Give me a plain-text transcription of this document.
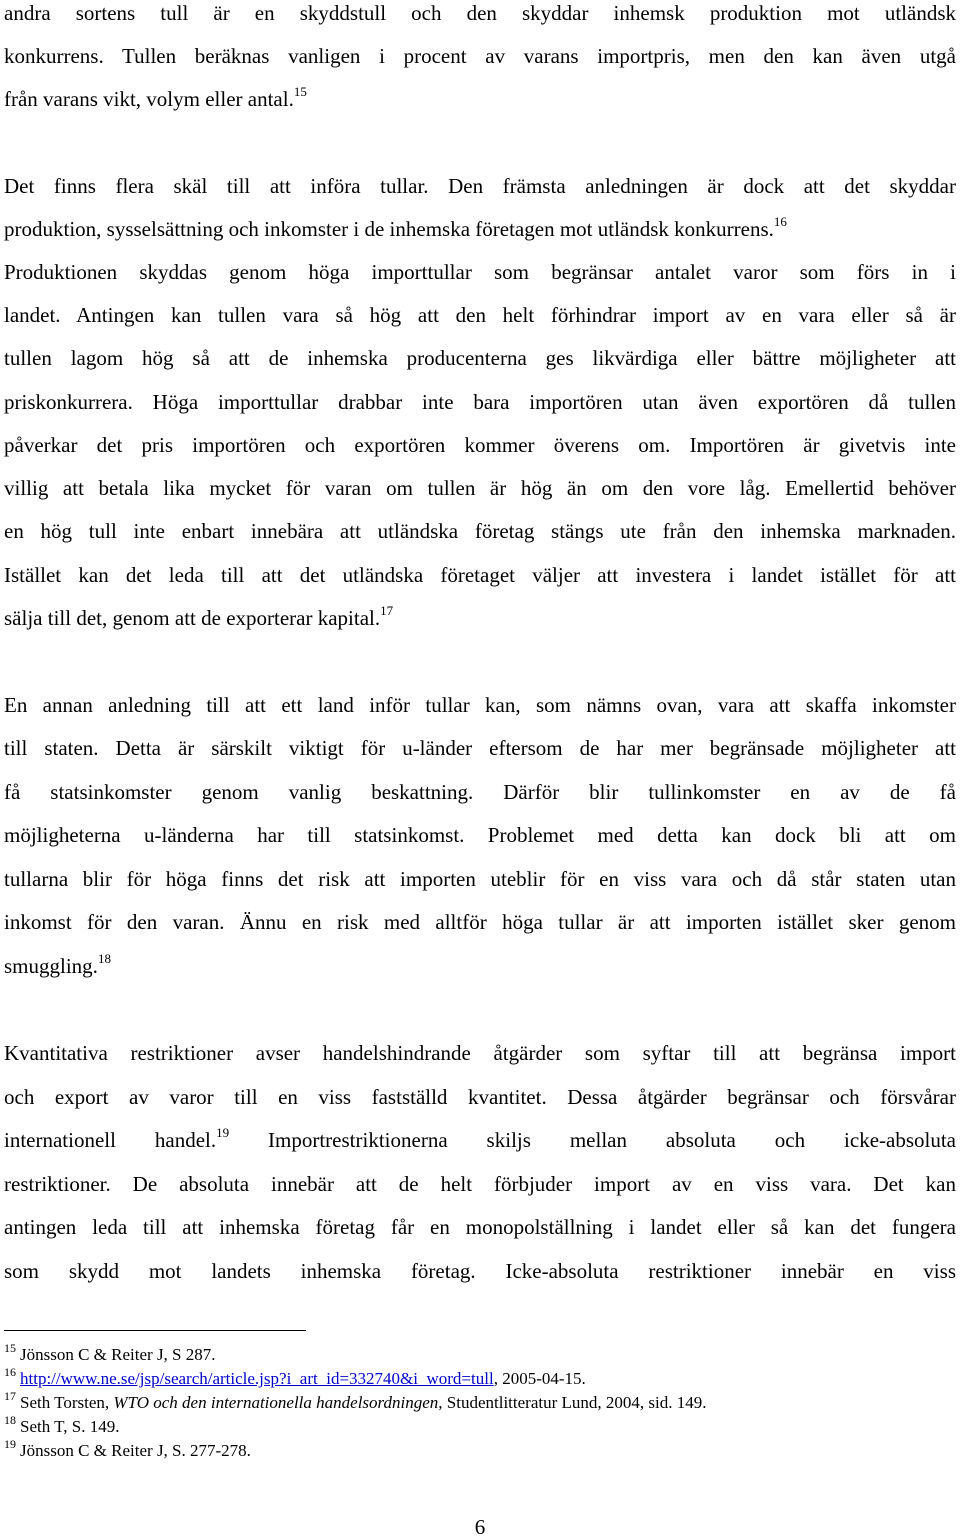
andra sortens tull är en skyddstull och den skyddar inhemsk produktion mot utländsk
konkurrens. Tullen beräknas vanligen i procent av varans importpris, men den kan även utgå
från varans vikt, volym eller antal.$^{15}$
Det finns flera skäl till att införa tullar. Den främsta anledningen är dock att det skyddar
produktion, sysselsättning och inkomster i de inhemska företagen mot utländsk konkurrens.$^{16}$
Produktionen skyddas genom höga importtullar som begränsar antalet varor som förs in i
landet. Antingen kan tullen vara så hög att den helt förhindrar import av en vara eller så är
tullen lagom hög så att de inhemska producenterna ges likvärdiga eller bättre möjligheter att
priskonkurrera. Höga importtullar drabbar inte bara importören utan även exportören då tullen
påverkar det pris importören och exportören kommer överens om. Importören är givetvis inte
villig att betala lika mycket för varan om tullen är hög än om den vore låg. Emellertid behöver
en hög tull inte enbart innebära att utländska företag stängs ute från den inhemska marknaden.
Istället kan det leda till att det utländska företaget väljer att investera i landet istället för att
sälja till det, genom att de exporterar kapital.$^{17}$
En annan anledning till att ett land inför tullar kan, som nämns ovan, vara att skaffa inkomster
till staten. Detta är särskilt viktigt för u-länder eftersom de har mer begränsade möjligheter att
få statsinkomster genom vanlig beskattning. Därför blir tullinkomster en av de få
möjligheterna u-länderna har till statsinkomst. Problemet med detta kan dock bli att om
tullarna blir för höga finns det risk att importen uteblir för en viss vara och då står staten utan
inkomst för den varan. Ännu en risk med alltför höga tullar är att importen istället sker genom
smuggling.$^{18}$
Kvantitativa restriktioner avser handelshindrande åtgärder som syftar till att begränsa import
och export av varor till en viss fastställd kvantitet. Dessa åtgärder begränsar och försvårar
internationell handel.$^{19}$ Importrestriktionerna skiljs mellan absoluta och icke-absoluta
restriktioner. De absoluta innebär att de helt förbjuder import av en viss vara. Det kan
antingen leda till att inhemska företag får en monopolställning i landet eller så kan det fungera
som skydd mot landets inhemska företag. Icke-absoluta restriktioner innebär en viss
$^{15}$ Jönsson C & Reiter J, S 287.
$^{16}$ http://www.ne.se/jsp/search/article.jsp?i_art_id=332740&i_word=tull, 2005-04-15.
$^{17}$ Seth Torsten, WTO och den internationella handelsordningen, Studentlitteratur Lund, 2004, sid. 149.
$^{18}$ Seth T, S. 149.
$^{19}$ Jönsson C & Reiter J, S. 277-278.
6
